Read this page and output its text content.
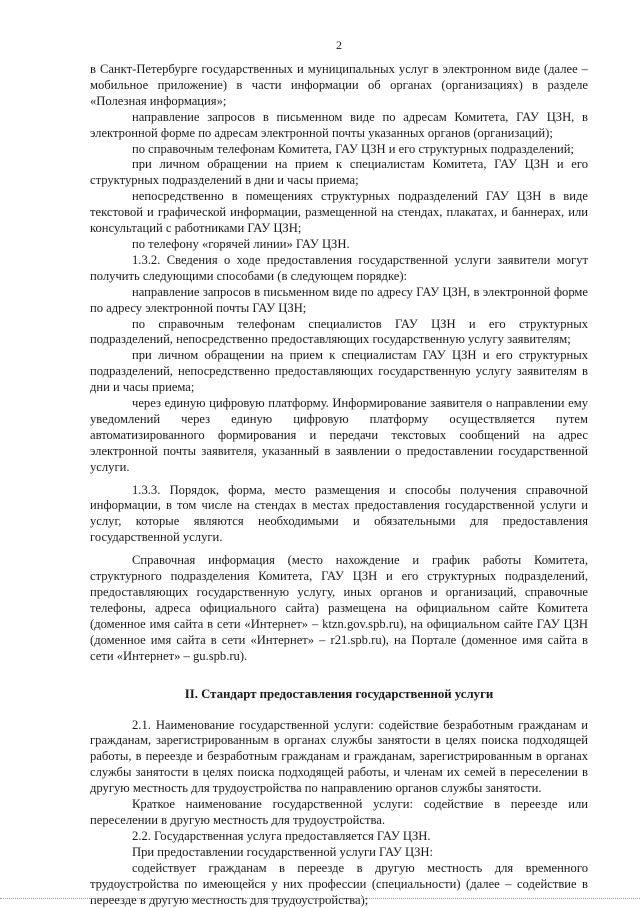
2

в Санкт-Петербурге государственных и муниципальных услуг в электронном виде (далее – мобильное приложение) в части информации об органах (организациях) в разделе «Полезная информация»;

направление запросов в письменном виде по адресам Комитета, ГАУ ЦЗН, в электронной форме по адресам электронной почты указанных органов (организаций);

по справочным телефонам Комитета, ГАУ ЦЗН и его структурных подразделений;

при личном обращении на прием к специалистам Комитета, ГАУ ЦЗН и его структурных подразделений в дни и часы приема;

непосредственно в помещениях структурных подразделений ГАУ ЦЗН в виде текстовой и графической информации, размещенной на стендах, плакатах, и баннерах, или консультаций с работниками ГАУ ЦЗН;

по телефону «горячей линии» ГАУ ЦЗН.

1.3.2. Сведения о ходе предоставления государственной услуги заявители могут получить следующими способами (в следующем порядке):

направление запросов в письменном виде по адресу ГАУ ЦЗН, в электронной форме по адресу электронной почты ГАУ ЦЗН;

по справочным телефонам специалистов ГАУ ЦЗН и его структурных подразделений, непосредственно предоставляющих государственную услугу заявителям;

при личном обращении на прием к специалистам ГАУ ЦЗН и его структурных подразделений, непосредственно предоставляющих государственную услугу заявителям в дни и часы приема;

через единую цифровую платформу. Информирование заявителя о направлении ему уведомлений через единую цифровую платформу осуществляется путем автоматизированного формирования и передачи текстовых сообщений на адрес электронной почты заявителя, указанный в заявлении о предоставлении государственной услуги.

1.3.3. Порядок, форма, место размещения и способы получения справочной информации, в том числе на стендах в местах предоставления государственной услуги и услуг, которые являются необходимыми и обязательными для предоставления государственной услуги.

Справочная информация (место нахождение и график работы Комитета, структурного подразделения Комитета, ГАУ ЦЗН и его структурных подразделений, предоставляющих государственную услугу, иных органов и организаций, справочные телефоны, адреса официального сайта) размещена на официальном сайте Комитета (доменное имя сайта в сети «Интернет» – ktzn.gov.spb.ru), на официальном сайте ГАУ ЦЗН (доменное имя сайта в сети «Интернет» – r21.spb.ru), на Портале (доменное имя сайта в сети «Интернет» – gu.spb.ru).

II. Стандарт предоставления государственной услуги

2.1. Наименование государственной услуги: содействие безработным гражданам и гражданам, зарегистрированным в органах службы занятости в целях поиска подходящей работы, в переезде и безработным гражданам и гражданам, зарегистрированным в органах службы занятости в целях поиска подходящей работы, и членам их семей в переселении в другую местность для трудоустройства по направлению органов службы занятости.

Краткое наименование государственной услуги: содействие в переезде или переселении в другую местность для трудоустройства.

2.2. Государственная услуга предоставляется ГАУ ЦЗН.

При предоставлении государственной услуги ГАУ ЦЗН:

содействует гражданам в переезде в другую местность для временного трудоустройства по имеющейся у них профессии (специальности) (далее – содействие в переезде в другую местность для трудоустройства);
